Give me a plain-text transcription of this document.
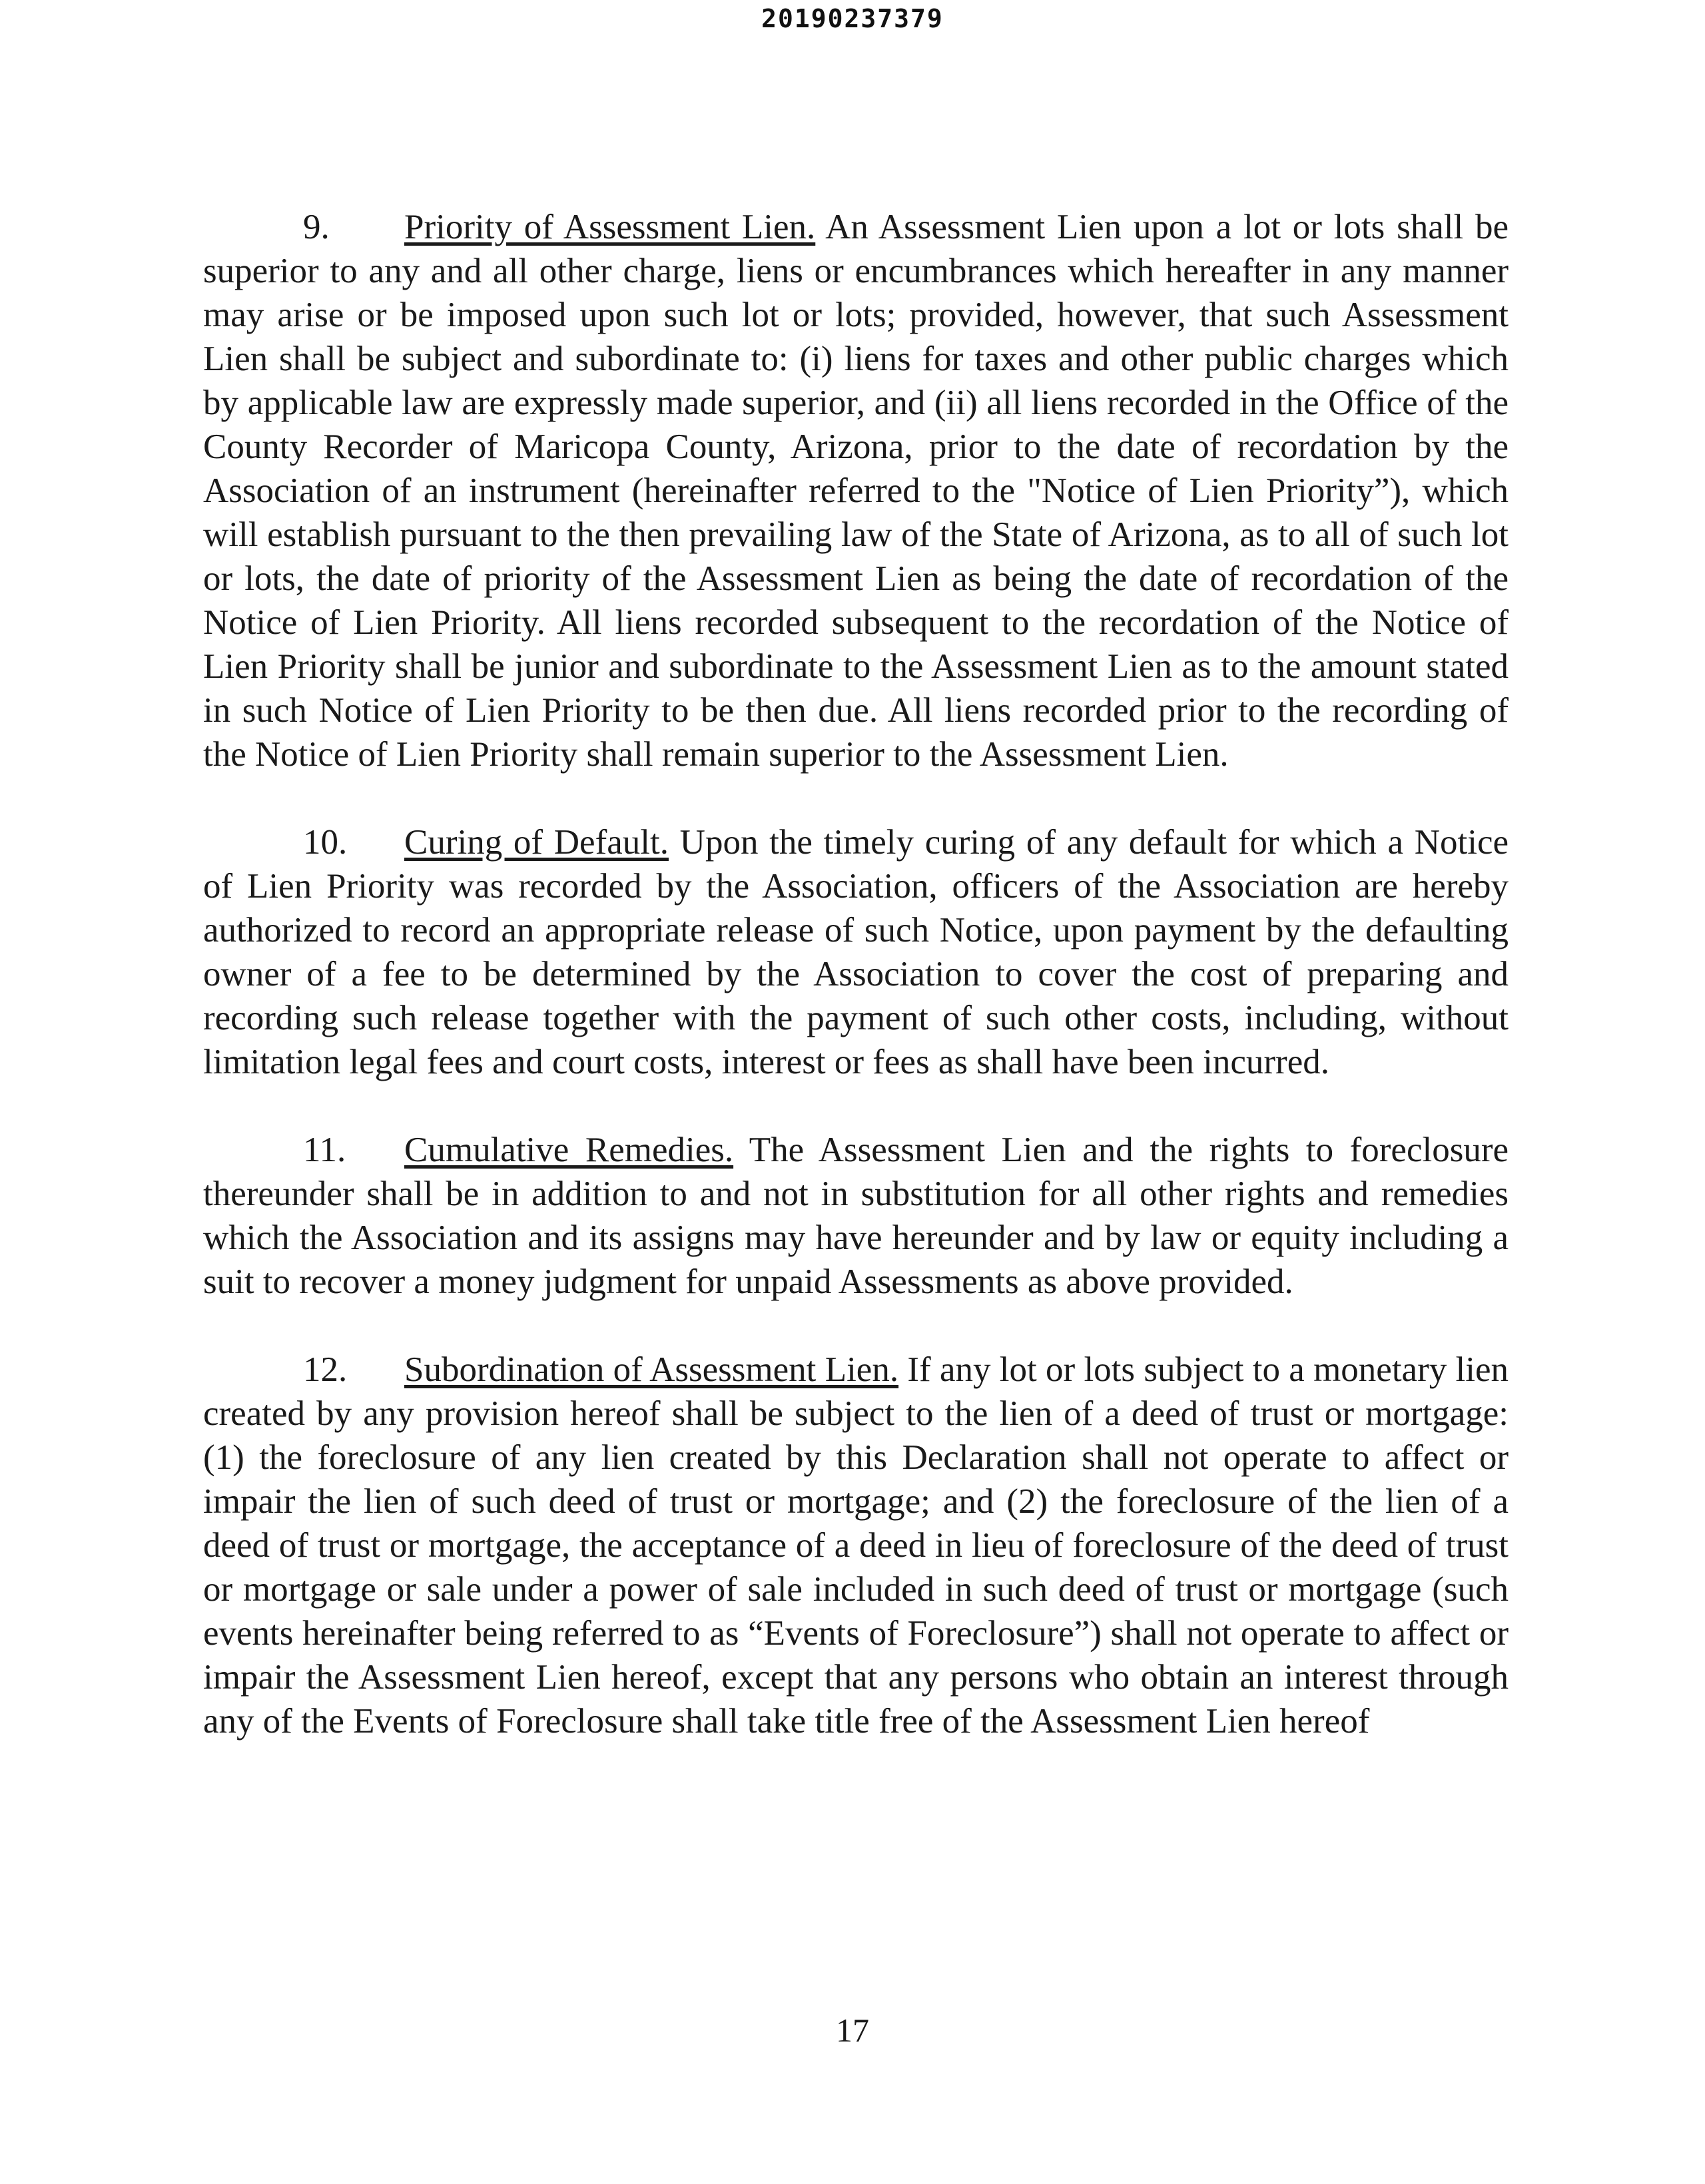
20190237379

9. Priority of Assessment Lien. An Assessment Lien upon a lot or lots shall be superior to any and all other charge, liens or encumbrances which hereafter in any manner may arise or be imposed upon such lot or lots; provided, however, that such Assessment Lien shall be subject and subordinate to: (i) liens for taxes and other public charges which by applicable law are expressly made superior, and (ii) all liens recorded in the Office of the County Recorder of Maricopa County, Arizona, prior to the date of recordation by the Association of an instrument (hereinafter referred to the "Notice of Lien Priority”), which will establish pursuant to the then prevailing law of the State of Arizona, as to all of such lot or lots, the date of priority of the Assessment Lien as being the date of recordation of the Notice of Lien Priority. All liens recorded subsequent to the recordation of the Notice of Lien Priority shall be junior and subordinate to the Assessment Lien as to the amount stated in such Notice of Lien Priority to be then due. All liens recorded prior to the recording of the Notice of Lien Priority shall remain superior to the Assessment Lien.

10. Curing of Default. Upon the timely curing of any default for which a Notice of Lien Priority was recorded by the Association, officers of the Association are hereby authorized to record an appropriate release of such Notice, upon payment by the defaulting owner of a fee to be determined by the Association to cover the cost of preparing and recording such release together with the payment of such other costs, including, without limitation legal fees and court costs, interest or fees as shall have been incurred.

11. Cumulative Remedies. The Assessment Lien and the rights to foreclosure thereunder shall be in addition to and not in substitution for all other rights and remedies which the Association and its assigns may have hereunder and by law or equity including a suit to recover a money judgment for unpaid Assessments as above provided.

12. Subordination of Assessment Lien. If any lot or lots subject to a monetary lien created by any provision hereof shall be subject to the lien of a deed of trust or mortgage: (1) the foreclosure of any lien created by this Declaration shall not operate to affect or impair the lien of such deed of trust or mortgage; and (2) the foreclosure of the lien of a deed of trust or mortgage, the acceptance of a deed in lieu of foreclosure of the deed of trust or mortgage or sale under a power of sale included in such deed of trust or mortgage (such events hereinafter being referred to as “Events of Foreclosure”) shall not operate to affect or impair the Assessment Lien hereof, except that any persons who obtain an interest through any of the Events of Foreclosure shall take title free of the Assessment Lien hereof

17
